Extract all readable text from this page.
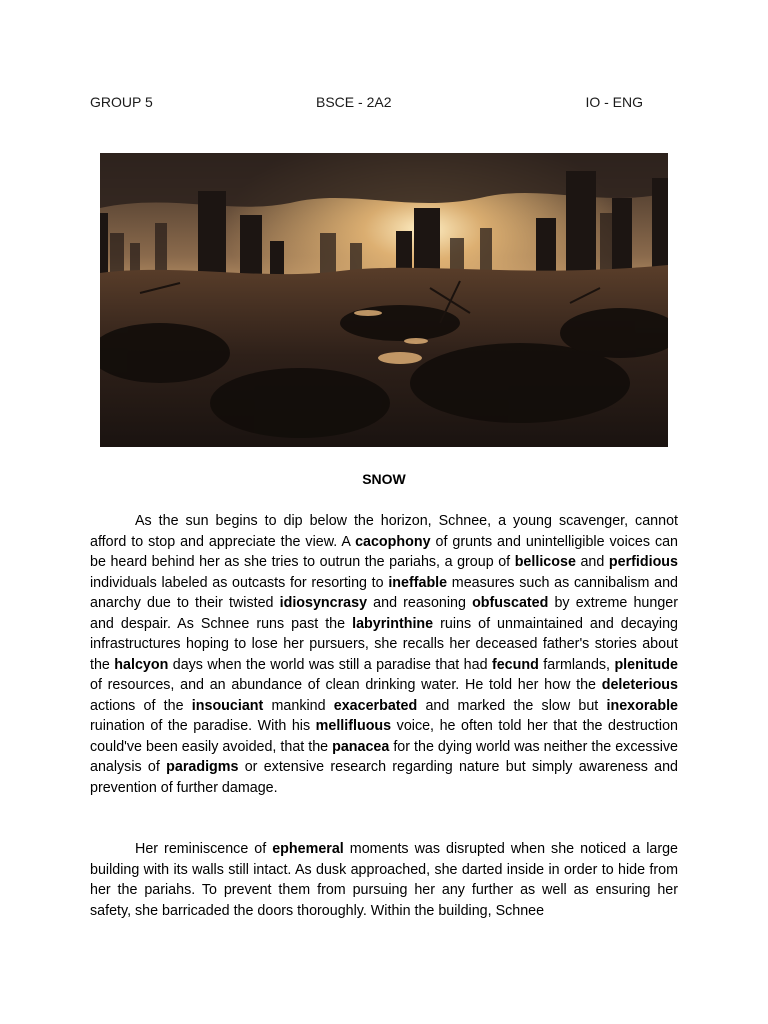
GROUP 5	BSCE - 2A2	IO - ENG
SNOW

As the sun begins to dip below the horizon, Schnee, a young scavenger, cannot afford to stop and appreciate the view. A cacophony of grunts and unintelligible voices can be heard behind her as she tries to outrun the pariahs, a group of bellicose and perfidious individuals labeled as outcasts for resorting to ineffable measures such as cannibalism and anarchy due to their twisted idiosyncrasy and reasoning obfuscated by extreme hunger and despair. As Schnee runs past the labyrinthine ruins of unmaintained and decaying infrastructures hoping to lose her pursuers, she recalls her deceased father's stories about the halcyon days when the world was still a paradise that had fecund farmlands, plenitude of resources, and an abundance of clean drinking water. He told her how the deleterious actions of the insouciant mankind exacerbated and marked the slow but inexorable ruination of the paradise. With his mellifluous voice, he often told her that the destruction could've been easily avoided, that the panacea for the dying world was neither the excessive analysis of paradigms or extensive research regarding nature but simply awareness and prevention of further damage.

Her reminiscence of ephemeral moments was disrupted when she noticed a large building with its walls still intact. As dusk approached, she darted inside in order to hide from her the pariahs. To prevent them from pursuing her any further as well as ensuring her safety, she barricaded the doors thoroughly. Within the building, Schnee
